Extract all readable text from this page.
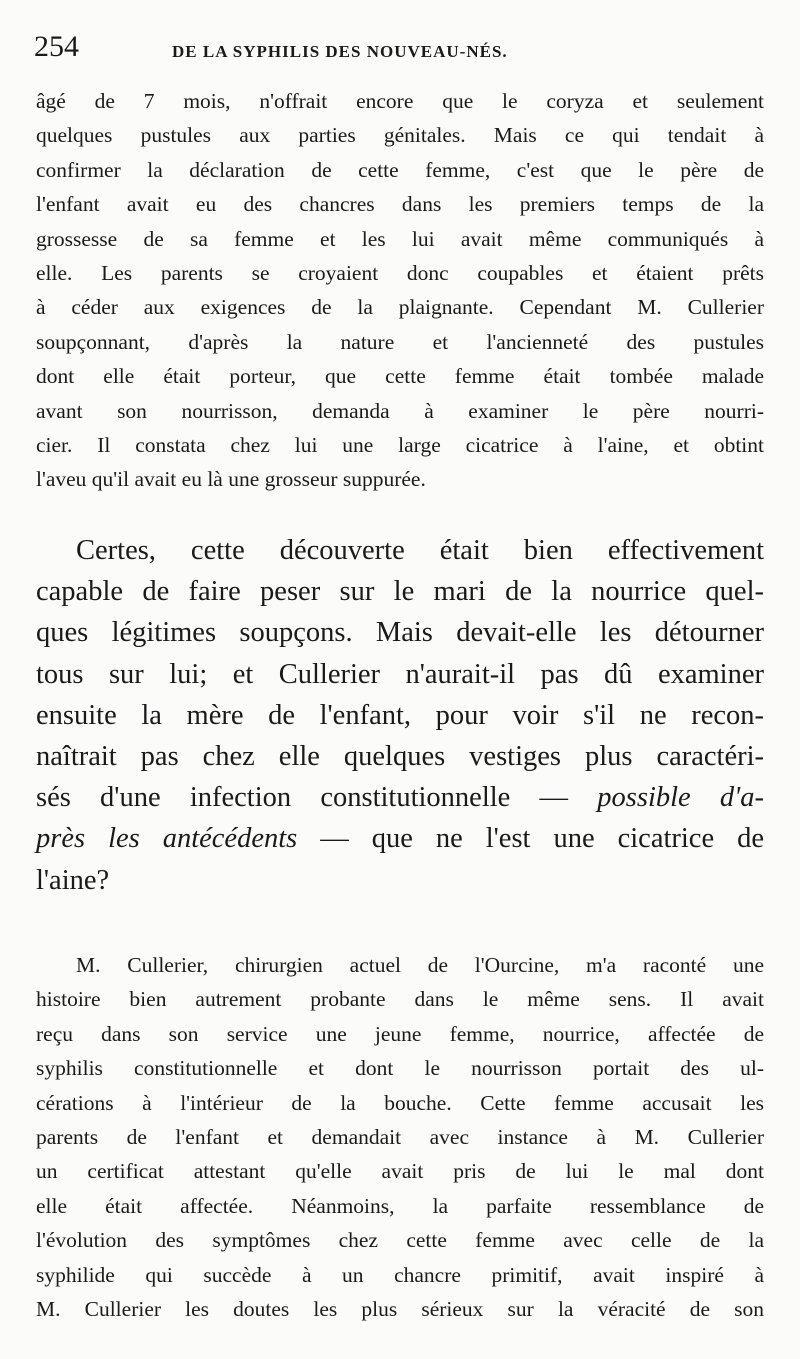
254	DE LA SYPHILIS DES NOUVEAU-NÉS.
âgé de 7 mois, n'offrait encore que le coryza et seulement
quelques pustules aux parties génitales. Mais ce qui tendait à
confirmer la déclaration de cette femme, c'est que le père de
l'enfant avait eu des chancres dans les premiers temps de la
grossesse de sa femme et les lui avait même communiqués à
elle. Les parents se croyaient donc coupables et étaient prêts
à céder aux exigences de la plaignante. Cependant M. Cullerier
soupçonnant, d'après la nature et l'ancienneté des pustules
dont elle était porteur, que cette femme était tombée malade
avant son nourrisson, demanda à examiner le père nourri-
cier. Il constata chez lui une large cicatrice à l'aine, et obtint
l'aveu qu'il avait eu là une grosseur suppurée.
Certes, cette découverte était bien effectivement
capable de faire peser sur le mari de la nourrice quel-
ques légitimes soupçons. Mais devait-elle les détourner
tous sur lui; et Cullerier n'aurait-il pas dû examiner
ensuite la mère de l'enfant, pour voir s'il ne recon-
naîtrait pas chez elle quelques vestiges plus caractéri-
sés d'une infection constitutionnelle — possible d'a-
près les antécédents — que ne l'est une cicatrice de
l'aine?
M. Cullerier, chirurgien actuel de l'Ourcine, m'a raconté une
histoire bien autrement probante dans le même sens. Il avait
reçu dans son service une jeune femme, nourrice, affectée de
syphilis constitutionnelle et dont le nourrisson portait des ul-
cérations à l'intérieur de la bouche. Cette femme accusait les
parents de l'enfant et demandait avec instance à M. Cullerier
un certificat attestant qu'elle avait pris de lui le mal dont
elle était affectée. Néanmoins, la parfaite ressemblance de
l'évolution des symptômes chez cette femme avec celle de la
syphilide qui succède à un chancre primitif, avait inspiré à
M. Cullerier les doutes les plus sérieux sur la véracité de son
